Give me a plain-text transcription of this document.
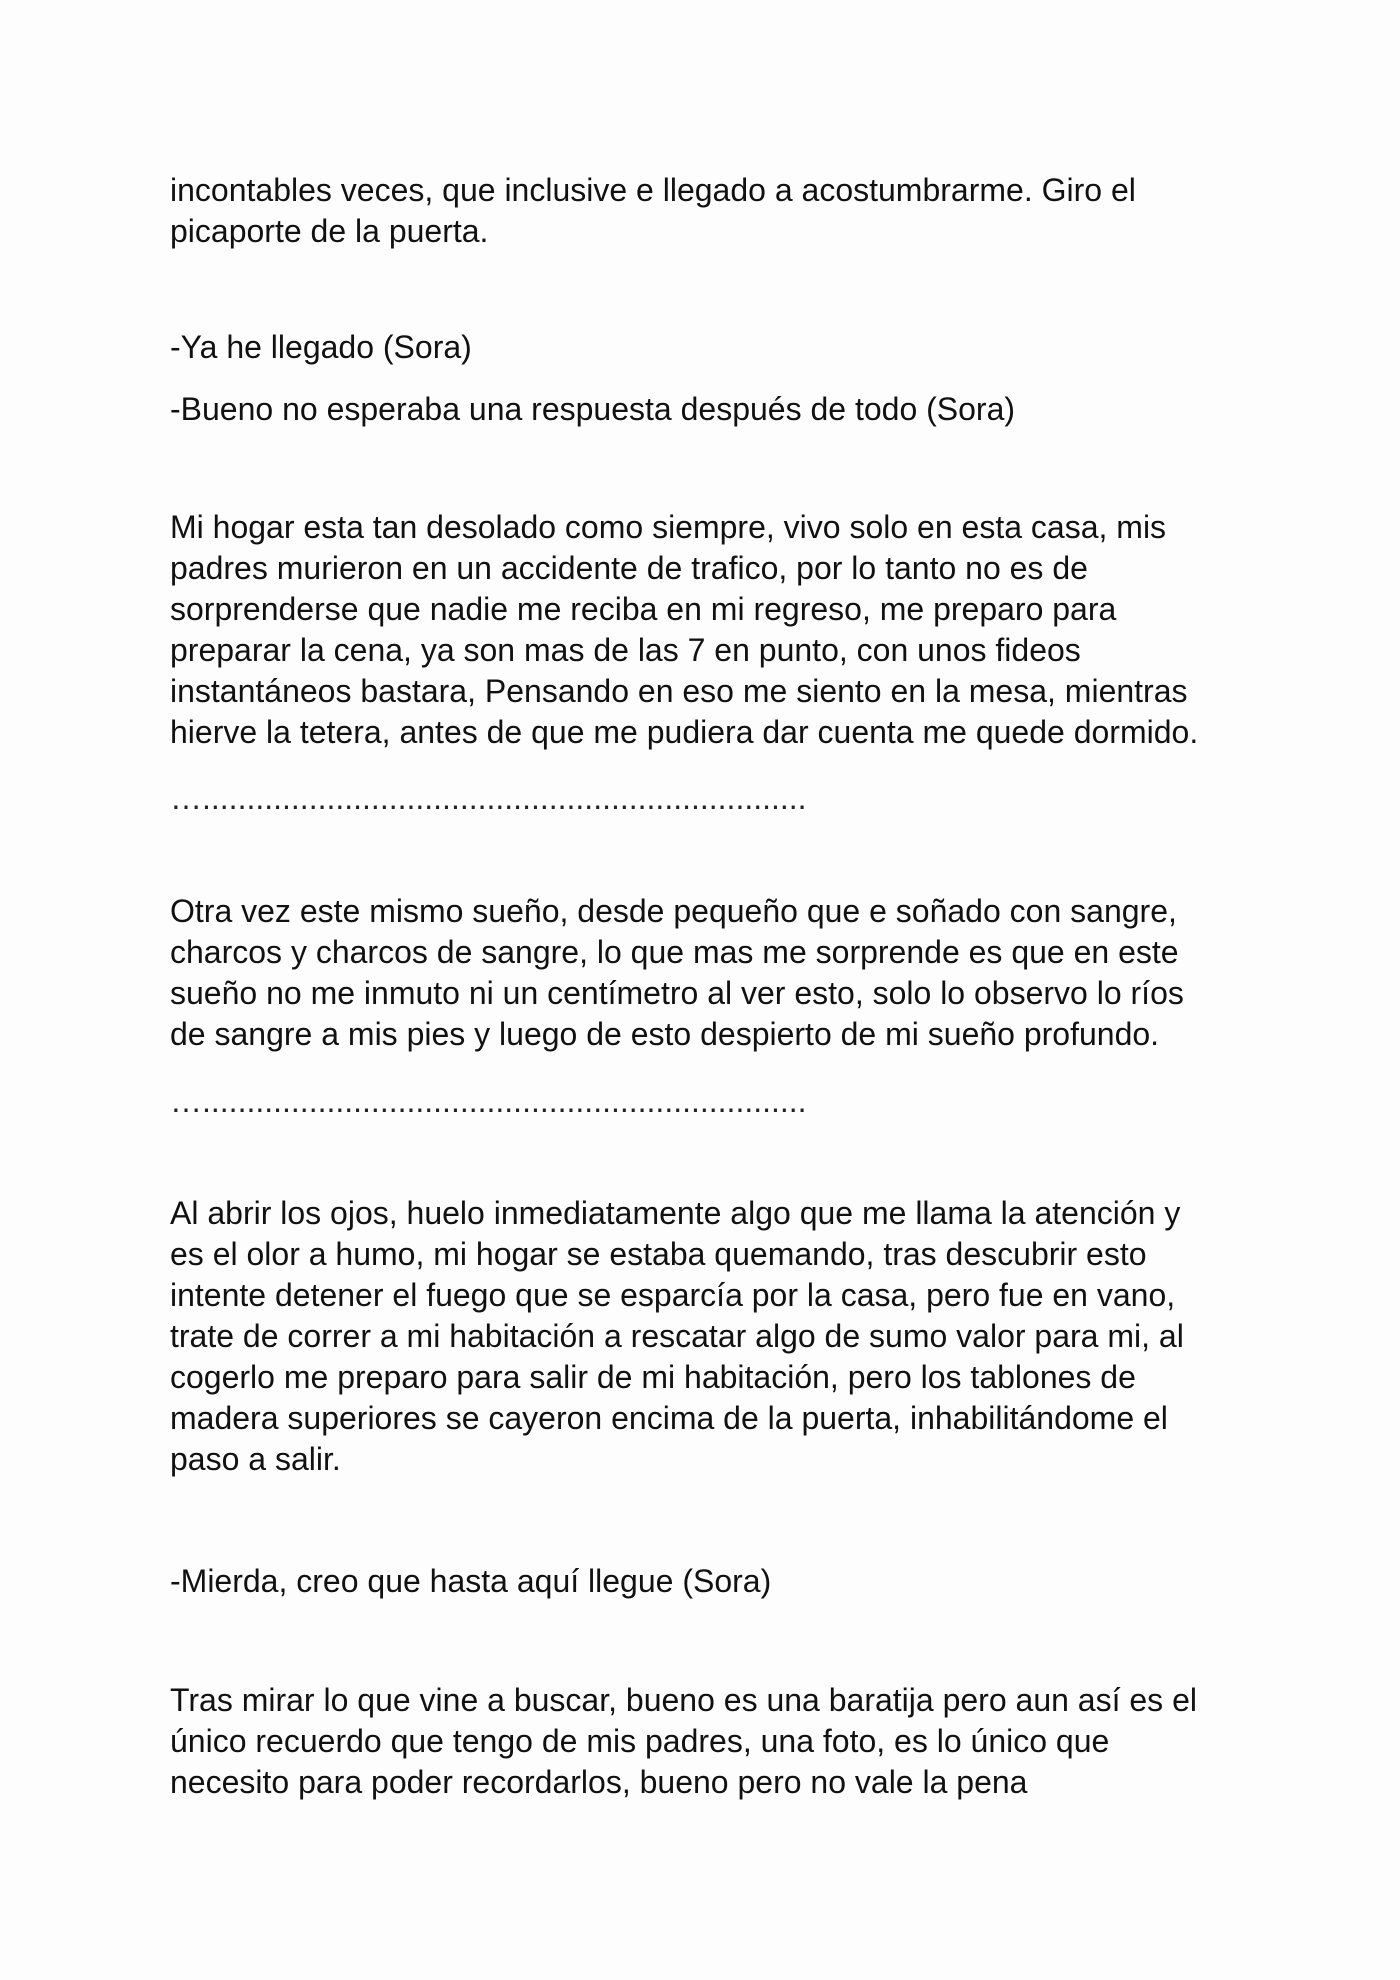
incontables veces, que inclusive e llegado a acostumbrarme. Giro el
picaporte de la puerta.

-Ya he llegado (Sora)

-Bueno no esperaba una respuesta después de todo (Sora)

Mi hogar esta tan desolado como siempre, vivo solo en esta casa, mis
padres murieron en un accidente de trafico, por lo tanto no es de
sorprenderse que nadie me reciba en mi regreso, me preparo para
preparar la cena, ya son mas de las 7 en punto, con unos fideos
instantáneos bastara, Pensando en eso me siento en la mesa, mientras
hierve la tetera, antes de que me pudiera dar cuenta me quede dormido.

…....................................................................

Otra vez este mismo sueño, desde pequeño que e soñado con sangre,
charcos y charcos de sangre, lo que mas me sorprende es que en este
sueño no me inmuto ni un centímetro al ver esto, solo lo observo lo ríos
de sangre a mis pies y luego de esto despierto de mi sueño profundo.

…....................................................................

Al abrir los ojos, huelo inmediatamente algo que me llama la atención y
es el olor a humo, mi hogar se estaba quemando, tras descubrir esto
intente detener el fuego que se esparcía por la casa, pero fue en vano,
trate de correr a mi habitación a rescatar algo de sumo valor para mi, al
cogerlo me preparo para salir de mi habitación, pero los tablones de
madera superiores se cayeron encima de la puerta, inhabilitándome el
paso a salir.

-Mierda, creo que hasta aquí llegue (Sora)

Tras mirar lo que vine a buscar, bueno es una baratija pero aun así es el
único recuerdo que tengo de mis padres, una foto, es lo único que
necesito para poder recordarlos, bueno pero no vale la pena
